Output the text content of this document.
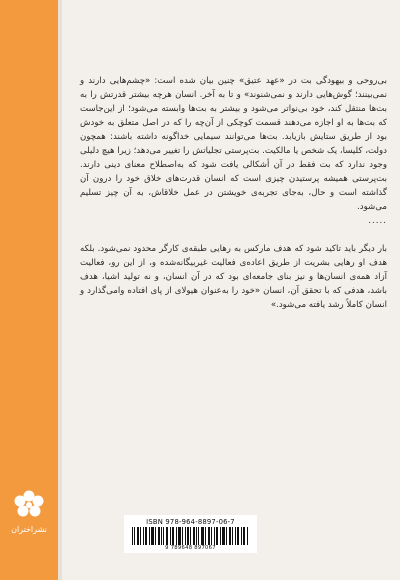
نشراختران

بی‌روحی و بیهودگی بت در «عهد عتیق» چنین بیان شده است: «چشم‌هایی دارند و نمی‌بینند؛ گوش‌هایی دارند و نمی‌شنوند» و تا به آخر. انسان هرچه بیشتر قدرتش را به بت‌ها منتقل کند، خود بی‌نواتر می‌شود و بیشتر به بت‌ها وابسته می‌شود؛ از این‌جاست که بت‌ها به او اجازه می‌دهند قسمت کوچکی از آن‌چه را که در اصل متعلق به خودش بود از طریق ستایش بازیابد. بت‌ها می‌توانند سیمایی خداگونه داشته باشند: همچون دولت، کلیسا، یک شخص یا مالکیت. بت‌پرستی تجلیاتش را تغییر می‌دهد؛ زیرا هیچ دلیلی وجود ندارد که بت فقط در آن أشکالی یافت شود که به‌اصطلاح معنای دینی دارند. بت‌پرستی همیشه پرستیدن چیزی است که انسان قدرت‌های خلاق خود را درون آن گذاشته است و حال، به‌جای تجربه‌ی خویشتن در عمل خلاقاش، به آن چیز تسلیم می‌شود.

.....

بار دیگر باید تاکید شود که هدف مارکس به رهایی طبقه‌ی کارگر محدود نمی‌شود. بلکه هدف او رهایی بشریت از طریق اعاده‌ی فعالیت غیربیگانه‌شده و، از این رو، فعالیت آزاد همه‌ی انسان‌ها و نیز بنای جامعه‌ای بود که در آن انسان، و نه تولید اشیا، هدف باشد، هدفی که با تحقق آن، انسان «خود را به‌عنوان هیولای از پای افتاده وامی‌گذارد و انسان کاملاً رشد یافته می‌شود.»

ISBN 978-964-8897-06-7
9 789648 897067
